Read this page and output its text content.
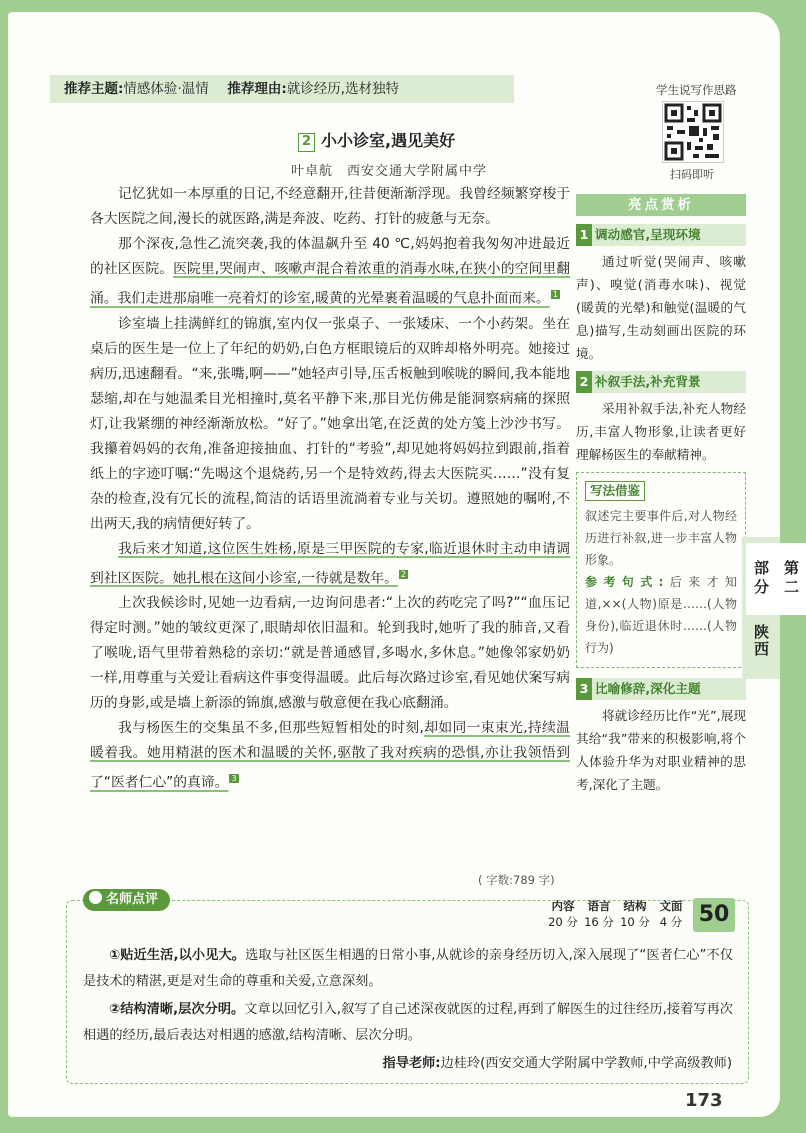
推荐主题:情感体验·温情 推荐理由:就诊经历,选材独特	学生说写作思路
扫码即听
2 小小诊室,遇见美好
叶卓航　西安交通大学附属中学

记忆犹如一本厚重的日记,不经意翻开,往昔便渐渐浮现。我曾经频繁穿梭于各大医院之间,漫长的就医路,满是奔波、吃药、打针的疲惫与无奈。

那个深夜,急性乙流突袭,我的体温飙升至 40 ℃,妈妈抱着我匆匆冲进最近的社区医院。医院里,哭闹声、咳嗽声混合着浓重的消毒水味,在狭小的空间里翻涌。我们走进那扇唯一亮着灯的诊室,暖黄的光晕裹着温暖的气息扑面而来。 $^1$

诊室墙上挂满鲜红的锦旗,室内仅一张桌子、一张矮床、一个小药架。坐在桌后的医生是一位上了年纪的奶奶,白色方框眼镜后的双眸却格外明亮。她接过病历,迅速翻看。“来,张嘴,啊——”她轻声引导,压舌板触到喉咙的瞬间,我本能地瑟缩,却在与她温柔目光相撞时,莫名平静下来,那目光仿佛是能洞察病痛的探照灯,让我紧绷的神经渐渐放松。“好了。”她拿出笔,在泛黄的处方笺上沙沙书写。我攥着妈妈的衣角,准备迎接抽血、打针的“考验”,却见她将妈妈拉到跟前,指着纸上的字迹叮嘱:“先喝这个退烧药,另一个是特效药,得去大医院买……”没有复杂的检查,没有冗长的流程,简洁的话语里流淌着专业与关切。遵照她的嘱咐,不出两天,我的病情便好转了。

我后来才知道,这位医生姓杨,原是三甲医院的专家,临近退休时主动申请调到社区医院。她扎根在这间小诊室,一待就是数年。 $^2$

上次我候诊时,见她一边看病,一边询问患者:“上次的药吃完了吗?”“血压记得定时测。”她的皱纹更深了,眼睛却依旧温和。轮到我时,她听了我的肺音,又看了喉咙,语气里带着熟稔的亲切:“就是普通感冒,多喝水,多休息。”她像邻家奶奶一样,用尊重与关爱让看病这件事变得温暖。此后每次路过诊室,看见她伏案写病历的身影,或是墙上新添的锦旗,感激与敬意便在我心底翻涌。

我与杨医生的交集虽不多,但那些短暂相处的时刻,却如同一束束光,持续温暖着我。她用精湛的医术和温暖的关怀,驱散了我对疾病的恐惧,亦让我领悟到了“医者仁心”的真谛。 $^3$

( 字数:789 字)
亮点赏析
1 调动感官,呈现环境

通过听觉(哭闹声、咳嗽声)、嗅觉(消毒水味)、视觉(暖黄的光晕)和触觉(温暖的气息)描写,生动刻画出医院的环境。

2 补叙手法,补充背景

采用补叙手法,补充人物经历,丰富人物形象,让读者更好理解杨医生的奉献精神。

写法借鉴

叙述完主要事件后,对人物经历进行补叙,进一步丰富人物形象。

参考句式:后来才知道,××(人物)原是……(人物身份),临近退休时……(人物行为)

3 比喻修辞,深化主题

将就诊经历比作“光”,展现其给“我”带来的积极影响,将个人体验升华为对职业精神的思考,深化了主题。

第二部分
陕西
名师点评	内容
20 分
语言
16 分
结构
10 分
文面
4 分 50

①贴近生活,以小见大。选取与社区医生相遇的日常小事,从就诊的亲身经历切入,深入展现了“医者仁心”不仅是技术的精湛,更是对生命的尊重和关爱,立意深刻。

②结构清晰,层次分明。文章以回忆引入,叙写了自己述深夜就医的过程,再到了解医生的过往经历,接着写再次相遇的经历,最后表达对相遇的感激,结构清晰、层次分明。

指导老师:边桂玲(西安交通大学附属中学教师,中学高级教师)
173
